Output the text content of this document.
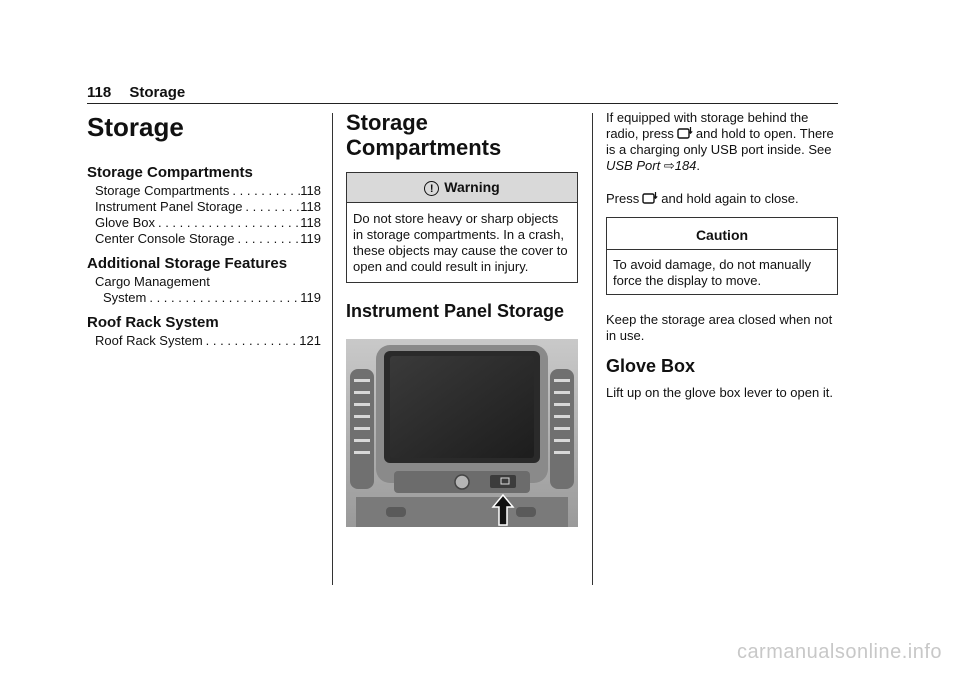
118 Storage
Storage
Storage Compartments
Storage Compartments . . .	118
Instrument Panel Storage . . .	118
Glove Box . . .	118
Center Console Storage . . .	119
Additional Storage Features
Cargo Management
System . . .	119
Roof Rack System
Roof Rack System . . .	121
Storage Compartments
! Warning
Do not store heavy or sharp objects in storage compartments. In a crash, these objects may cause the cover to open and could result in injury.
Instrument Panel Storage

If equipped with storage behind the radio, press and hold to open. There is a charging only USB port inside. See USB Port ⇨184.

Press and hold again to close.

Caution
To avoid damage, do not manually force the display to move.

Keep the storage area closed when not in use.

Glove Box

Lift up on the glove box lever to open it.

carmanualsonline.info
